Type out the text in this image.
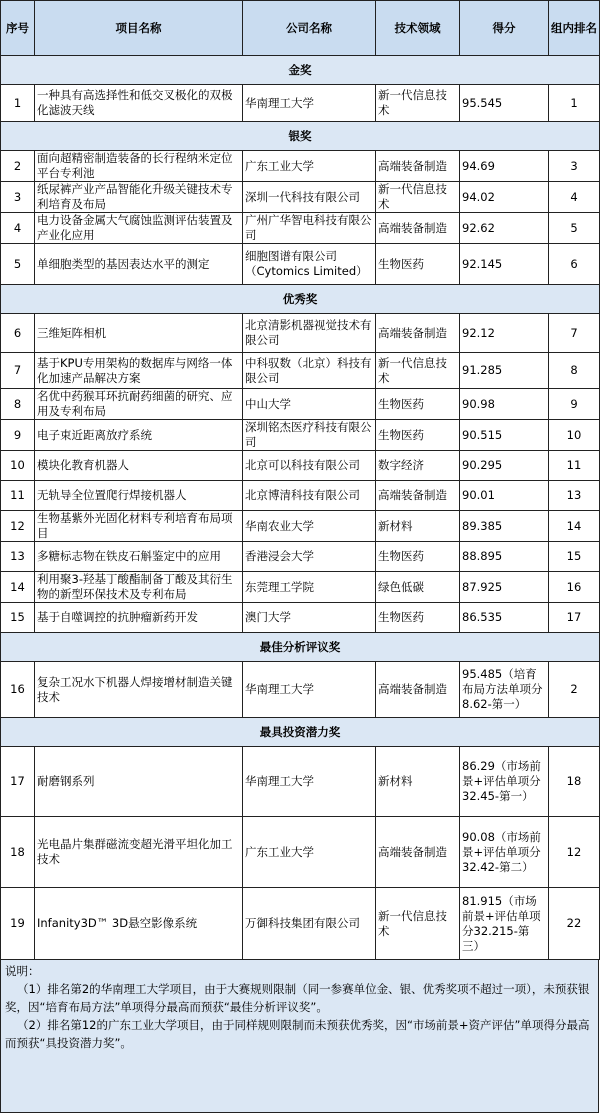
序号	项目名称	公司名称	技术领域	得分	组内排名
金奖					
1	一种具有高选择性和低交叉极化的双极化滤波天线	华南理工大学	新一代信息技术	95.545	1
银奖					
2	面向超精密制造装备的长行程纳米定位平台专利池	广东工业大学	高端装备制造	94.69	3
3	纸尿裤产业产品智能化升级关键技术专利培育及布局	深圳一代科技有限公司	新一代信息技术	94.02	4
4	电力设备金属大气腐蚀监测评估装置及产业化应用	广州广华智电科技有限公司	高端装备制造	92.62	5
5	单细胞类型的基因表达水平的测定	细胞图谱有限公司（Cytomics Limited）	生物医药	92.145	6
优秀奖					
6	三维矩阵相机	北京清影机器视觉技术有限公司	高端装备制造	92.12	7
7	基于KPU专用架构的数据库与网络一体化加速产品解决方案	中科驭数（北京）科技有限公司	新一代信息技术	91.285	8
8	名优中药猴耳环抗耐药细菌的研究、应用及专利布局	中山大学	生物医药	90.98	9
9	电子束近距离放疗系统	深圳铭杰医疗科技有限公司	生物医药	90.515	10
10	模块化教育机器人	北京可以科技有限公司	数字经济	90.295	11
11	无轨导全位置爬行焊接机器人	北京博清科技有限公司	高端装备制造	90.01	13
12	生物基紫外光固化材料专利培育布局项目	华南农业大学	新材料	89.385	14
13	多糖标志物在铁皮石斛鉴定中的应用	香港浸会大学	生物医药	88.895	15
14	利用聚3-羟基丁酸酯制备丁酸及其衍生物的新型环保技术及专利布局	东莞理工学院	绿色低碳	87.925	16
15	基于自噬调控的抗肿瘤新药开发	澳门大学	生物医药	86.535	17
最佳分析评议奖					
16	复杂工况水下机器人焊接增材制造关键技术	华南理工大学	高端装备制造	95.485（培育布局方法单项分8.62-第一）	2
最具投资潜力奖					
17	耐磨钢系列	华南理工大学	新材料	86.29（市场前景+评估单项分32.45-第一）	18
18	光电晶片集群磁流变超光滑平坦化加工技术	广东工业大学	高端装备制造	90.08（市场前景+评估单项分32.42-第二）	12
19	Infanity3D™ 3D悬空影像系统	万御科技集团有限公司	新一代信息技术	81.915（市场前景+评估单项分32.215-第三）	22
说明：
（1）排名第2的华南理工大学项目，由于大赛规则限制（同一参赛单位金、银、优秀奖项不超过一项），未预获银奖，因“培育布局方法”单项得分最高而预获“最佳分析评议奖”。
（2）排名第12的广东工业大学项目，由于同样规则限制而未预获优秀奖，因“市场前景+资产评估”单项得分最高而预获“具投资潜力奖”。
